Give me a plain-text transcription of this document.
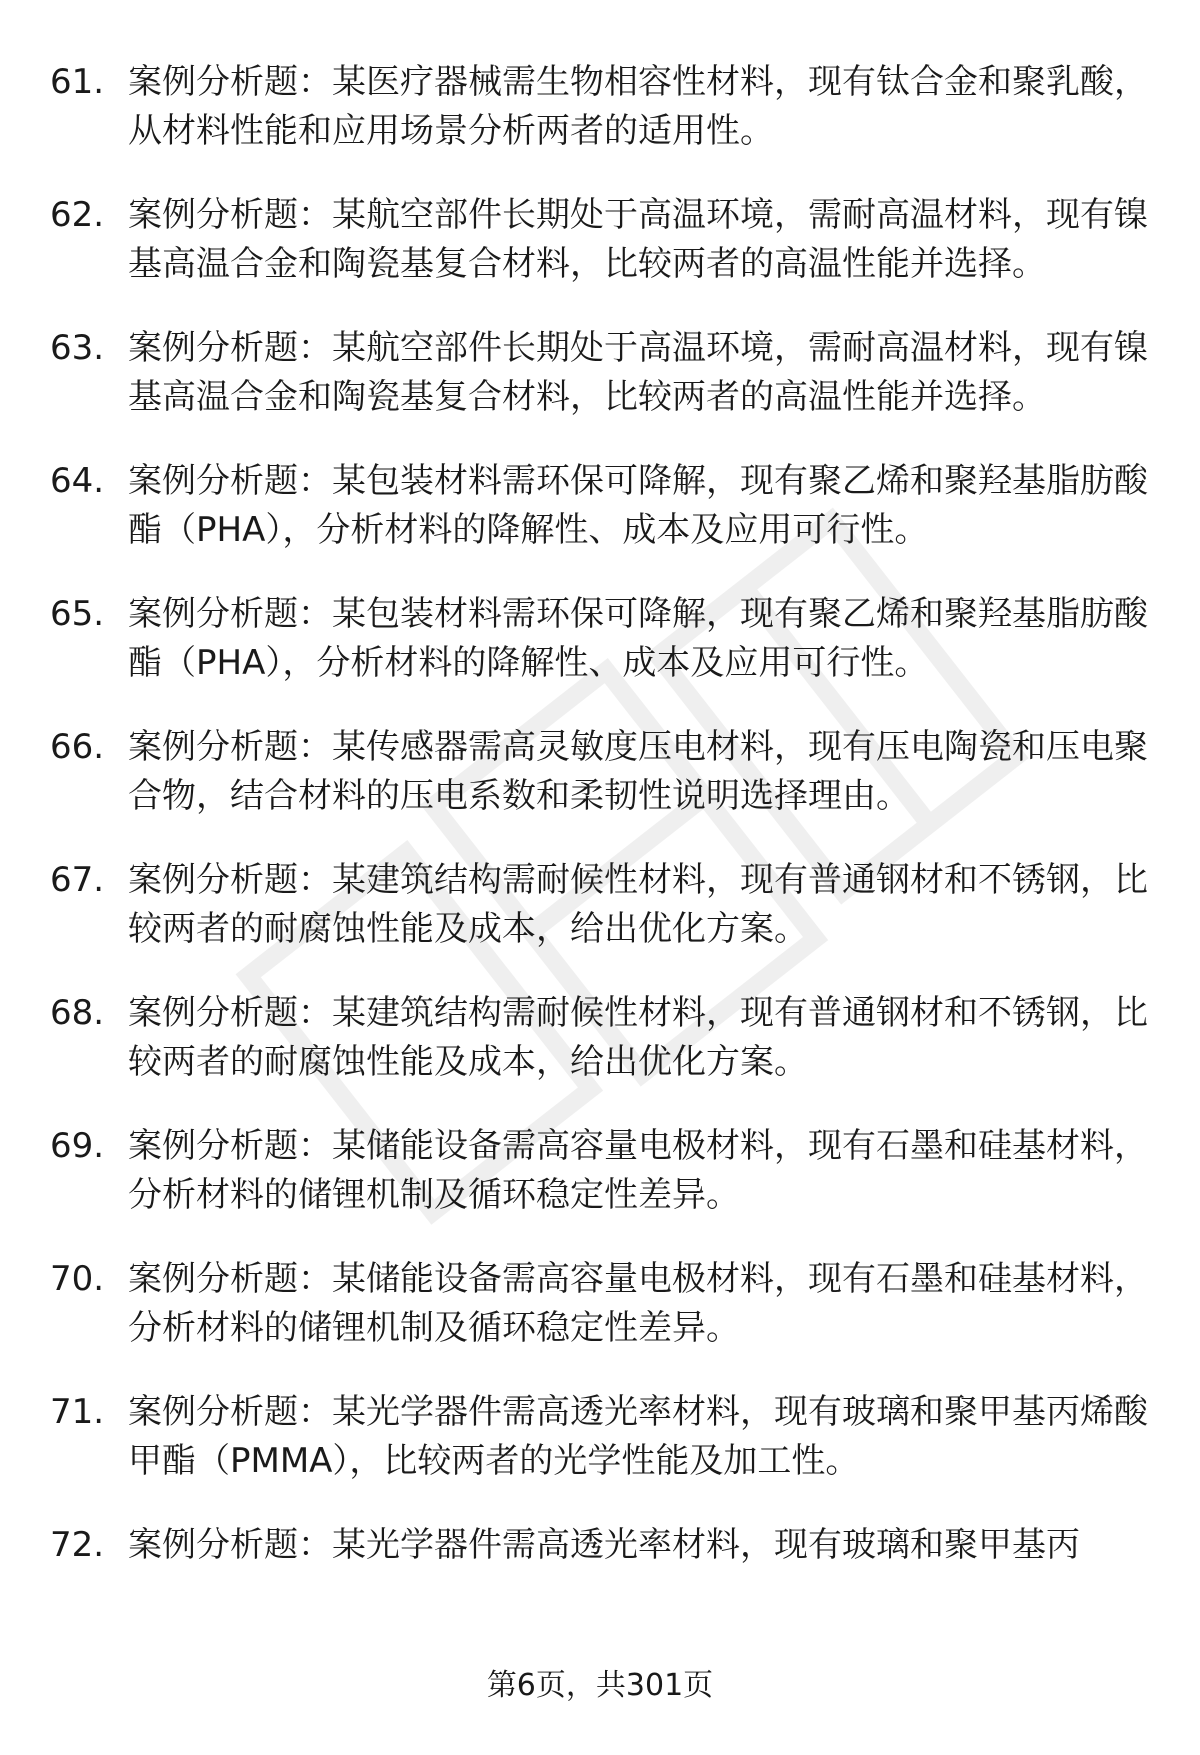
61. 案例分析题：某医疗器械需生物相容性材料，现有钛合金和聚乳酸，从材料性能和应用场景分析两者的适用性。
62. 案例分析题：某航空部件长期处于高温环境，需耐高温材料，现有镍基高温合金和陶瓷基复合材料，比较两者的高温性能并选择。
63. 案例分析题：某航空部件长期处于高温环境，需耐高温材料，现有镍基高温合金和陶瓷基复合材料，比较两者的高温性能并选择。
64. 案例分析题：某包装材料需环保可降解，现有聚乙烯和聚羟基脂肪酸酯（PHA），分析材料的降解性、成本及应用可行性。
65. 案例分析题：某包装材料需环保可降解，现有聚乙烯和聚羟基脂肪酸酯（PHA），分析材料的降解性、成本及应用可行性。
66. 案例分析题：某传感器需高灵敏度压电材料，现有压电陶瓷和压电聚合物，结合材料的压电系数和柔韧性说明选择理由。
67. 案例分析题：某建筑结构需耐候性材料，现有普通钢材和不锈钢，比较两者的耐腐蚀性能及成本，给出优化方案。
68. 案例分析题：某建筑结构需耐候性材料，现有普通钢材和不锈钢，比较两者的耐腐蚀性能及成本，给出优化方案。
69. 案例分析题：某储能设备需高容量电极材料，现有石墨和硅基材料，分析材料的储锂机制及循环稳定性差异。
70. 案例分析题：某储能设备需高容量电极材料，现有石墨和硅基材料，分析材料的储锂机制及循环稳定性差异。
71. 案例分析题：某光学器件需高透光率材料，现有玻璃和聚甲基丙烯酸甲酯（PMMA），比较两者的光学性能及加工性。
72. 案例分析题：某光学器件需高透光率材料，现有玻璃和聚甲基丙
第6页，共301页
